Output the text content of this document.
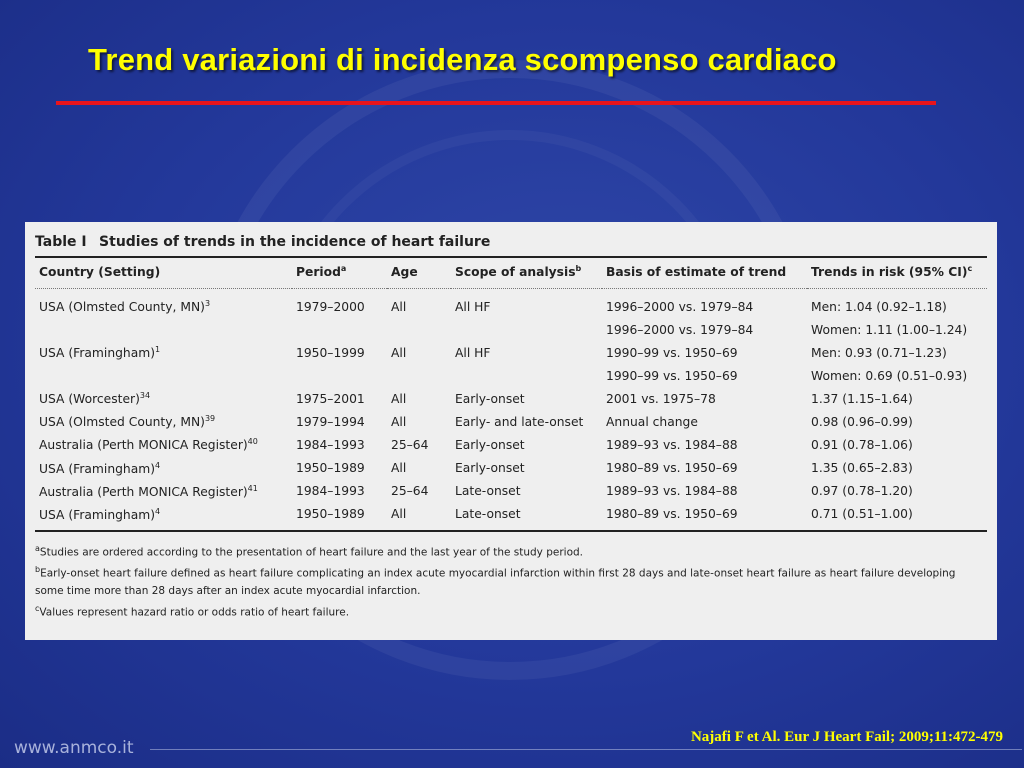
Trend variazioni di incidenza scompenso cardiaco

Table I Studies of trends in the incidence of heart failure

Country (Setting)	Period$^a$	Age	Scope of analysis$^b$	Basis of estimate of trend	Trends in risk (95% CI)$^c$
USA (Olmsted County, MN)$^3$	1979–2000	All	All HF	1996–2000 vs. 1979–84	Men: 1.04 (0.92–1.18)
				1996–2000 vs. 1979–84	Women: 1.11 (1.00–1.24)
USA (Framingham)$^1$	1950–1999	All	All HF	1990–99 vs. 1950–69	Men: 0.93 (0.71–1.23)
				1990–99 vs. 1950–69	Women: 0.69 (0.51–0.93)
USA (Worcester)$^{34}$	1975–2001	All	Early-onset	2001 vs. 1975–78	1.37 (1.15–1.64)
USA (Olmsted County, MN)$^{39}$	1979–1994	All	Early- and late-onset	Annual change	0.98 (0.96–0.99)
Australia (Perth MONICA Register)$^{40}$	1984–1993	25–64	Early-onset	1989–93 vs. 1984–88	0.91 (0.78–1.06)
USA (Framingham)$^4$	1950–1989	All	Early-onset	1980–89 vs. 1950–69	1.35 (0.65–2.83)
Australia (Perth MONICA Register)$^{41}$	1984–1993	25–64	Late-onset	1989–93 vs. 1984–88	0.97 (0.78–1.20)
USA (Framingham)$^4$	1950–1989	All	Late-onset	1980–89 vs. 1950–69	0.71 (0.51–1.00)

$^a$Studies are ordered according to the presentation of heart failure and the last year of the study period.

$^b$Early-onset heart failure defined as heart failure complicating an index acute myocardial infarction within first 28 days and late-onset heart failure as heart failure developing some time more than 28 days after an index acute myocardial infarction.

$^c$Values represent hazard ratio or odds ratio of heart failure.

www.anmco.it

Najafi F et Al. Eur J Heart Fail; 2009;11:472-479
